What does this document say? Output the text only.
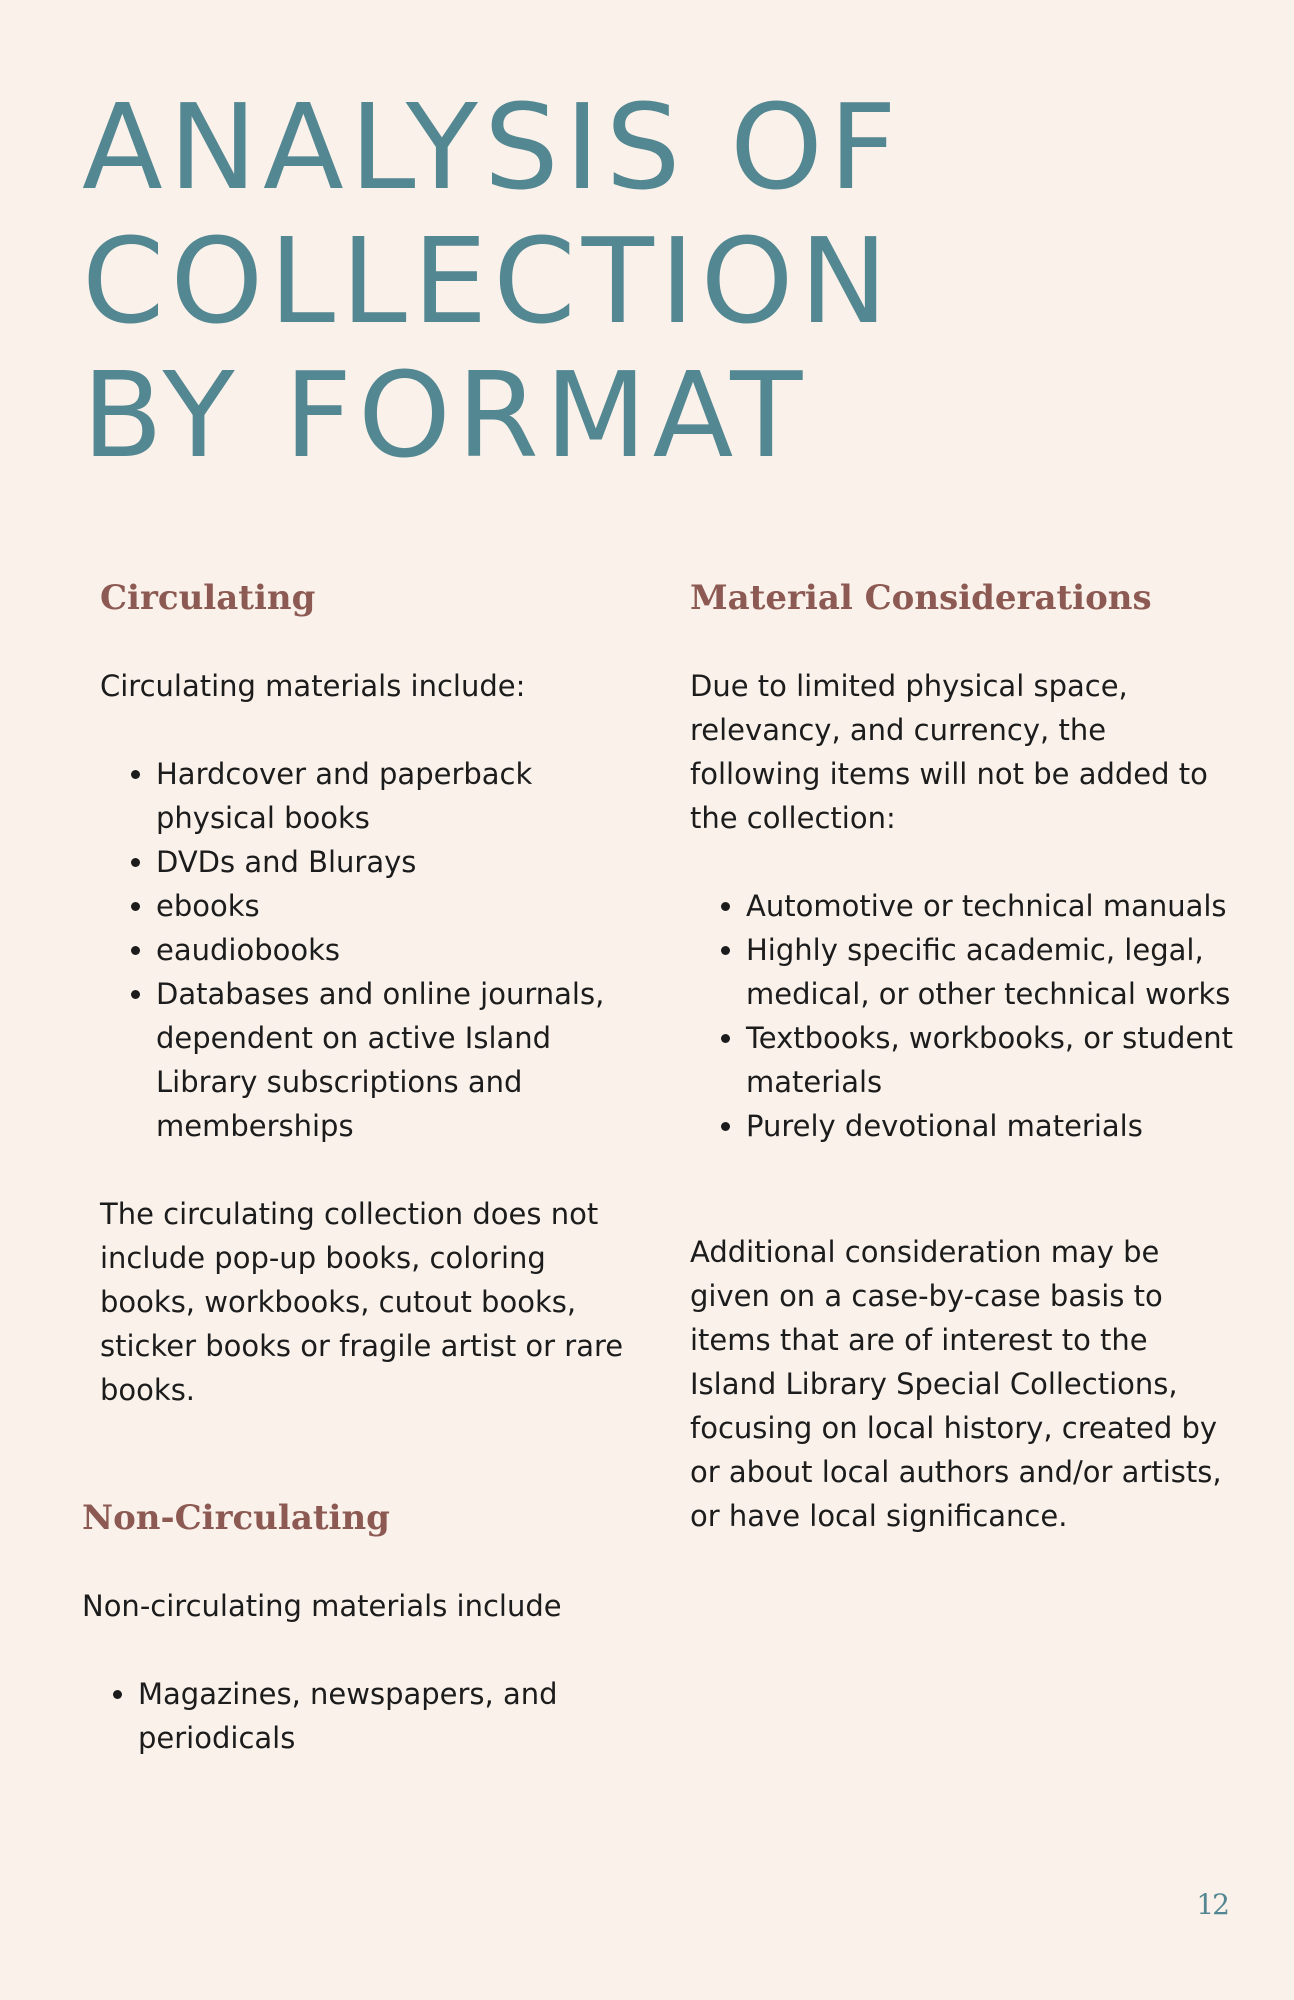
ANALYSIS OF
COLLECTION
BY FORMAT
Circulating

Circulating materials include:

• Hardcover and paperback physical books
• DVDs and Blurays
• ebooks
• eaudiobooks
• Databases and online journals, dependent on active Island Library subscriptions and memberships

The circulating collection does not include pop-up books, coloring books, workbooks, cutout books, sticker books or fragile artist or rare books.

Non-Circulating

Non-circulating materials include

• Magazines, newspapers, and periodicals
Material Considerations

Due to limited physical space, relevancy, and currency, the following items will not be added to the collection:

• Automotive or technical manuals
• Highly specific academic, legal, medical, or other technical works
• Textbooks, workbooks, or student materials
• Purely devotional materials

Additional consideration may be given on a case-by-case basis to items that are of interest to the Island Library Special Collections, focusing on local history, created by or about local authors and/or artists, or have local significance.

12
